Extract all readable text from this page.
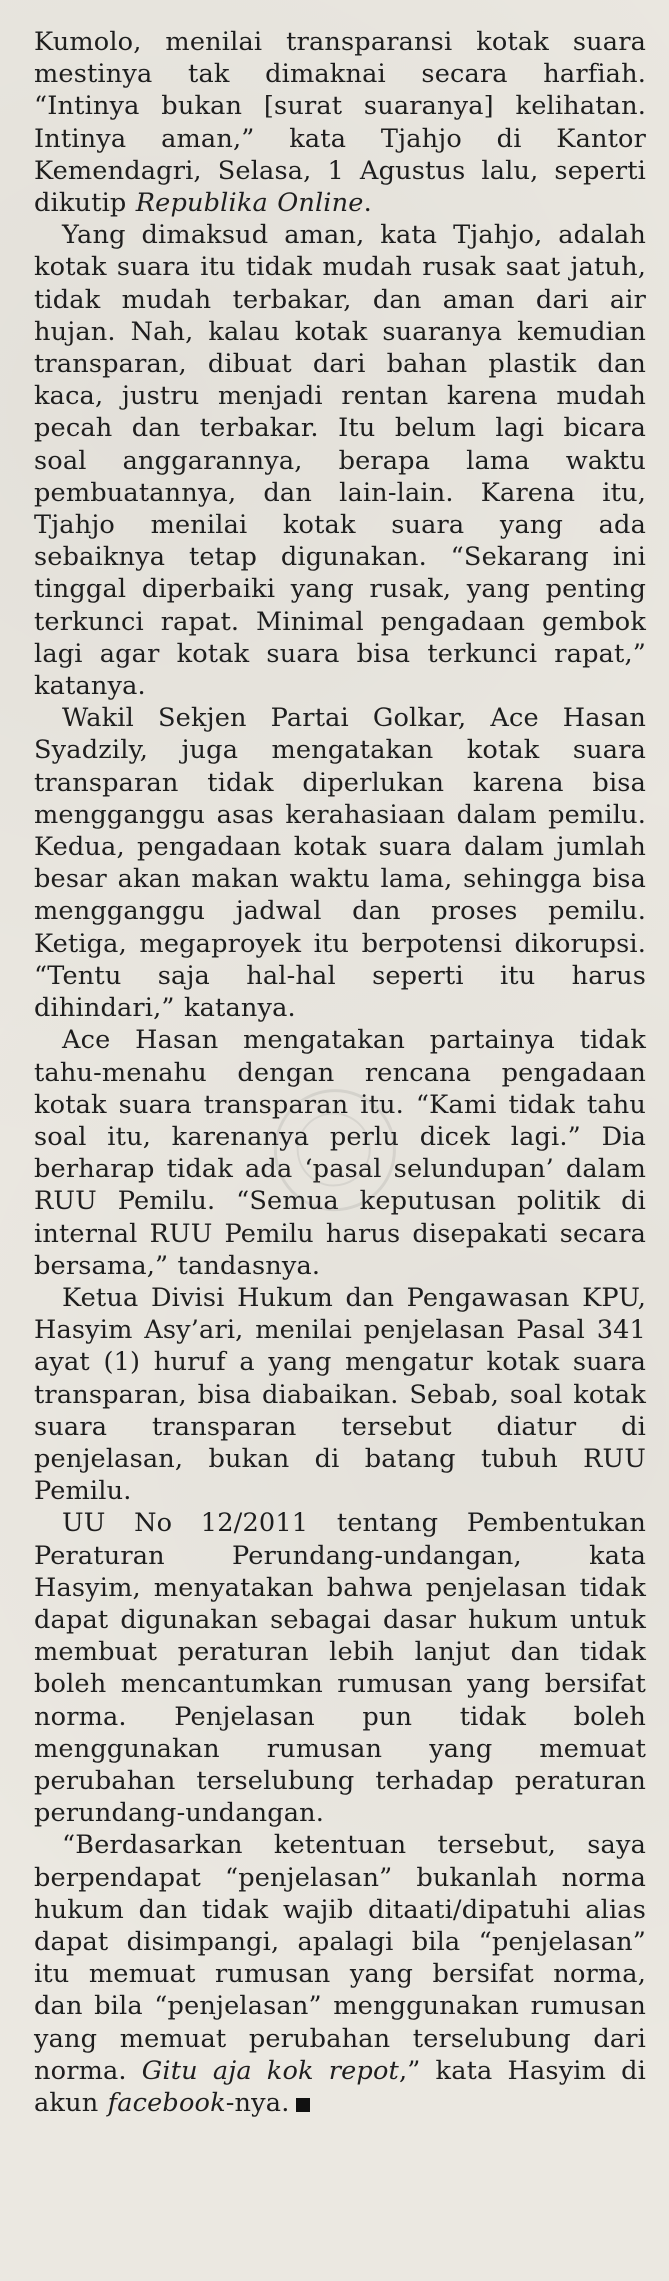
Kumolo, menilai transparansi kotak suara mestinya tak dimaknai secara harfiah. “Intinya bukan [surat suaranya] kelihatan. Intinya aman,” kata Tjahjo di Kantor Kemendagri, Selasa, 1 Agustus lalu, seperti dikutip Republika Online.

Yang dimaksud aman, kata Tjahjo, adalah kotak suara itu tidak mudah rusak saat jatuh, tidak mudah terbakar, dan aman dari air hujan. Nah, kalau kotak suaranya kemudian transparan, dibuat dari bahan plastik dan kaca, justru menjadi rentan karena mudah pecah dan terbakar. Itu belum lagi bicara soal anggarannya, berapa lama waktu pembuatannya, dan lain-lain. Karena itu, Tjahjo menilai kotak suara yang ada sebaiknya tetap digunakan. “Sekarang ini tinggal diperbaiki yang rusak, yang penting terkunci rapat. Minimal pengadaan gembok lagi agar kotak suara bisa terkunci rapat,” katanya.

Wakil Sekjen Partai Golkar, Ace Hasan Syadzily, juga mengatakan kotak suara transparan tidak diperlukan karena bisa mengganggu asas kerahasiaan dalam pemilu. Kedua, pengadaan kotak suara dalam jumlah besar akan makan waktu lama, sehingga bisa mengganggu jadwal dan proses pemilu. Ketiga, megaproyek itu berpotensi dikorupsi. “Tentu saja hal-hal seperti itu harus dihindari,” katanya.

Ace Hasan mengatakan partainya tidak tahu-menahu dengan rencana pengadaan kotak suara transparan itu. “Kami tidak tahu soal itu, karenanya perlu dicek lagi.” Dia berharap tidak ada ‘pasal selundupan’ dalam RUU Pemilu. “Semua keputusan politik di internal RUU Pemilu harus disepakati secara bersama,” tandasnya.

Ketua Divisi Hukum dan Pengawasan KPU, Hasyim Asy’ari, menilai penjelasan Pasal 341 ayat (1) huruf a yang mengatur kotak suara transparan, bisa diabaikan. Sebab, soal kotak suara transparan tersebut diatur di penjelasan, bukan di batang tubuh RUU Pemilu.

UU No 12/2011 tentang Pembentukan Peraturan Perundang-undangan, kata Hasyim, menyatakan bahwa penjelasan tidak dapat digunakan sebagai dasar hukum untuk membuat peraturan lebih lanjut dan tidak boleh mencantumkan rumusan yang bersifat norma. Penjelasan pun tidak boleh menggunakan rumusan yang memuat perubahan terselubung terhadap peraturan perundang-undangan.

“Berdasarkan ketentuan tersebut, saya berpendapat “penjelasan” bukanlah norma hukum dan tidak wajib ditaati/dipatuhi alias dapat disimpangi, apalagi bila “penjelasan” itu memuat rumusan yang bersifat norma, dan bila “penjelasan” menggunakan rumusan yang memuat perubahan terselubung dari norma. Gitu aja kok repot,” kata Hasyim di akun facebook-nya.
